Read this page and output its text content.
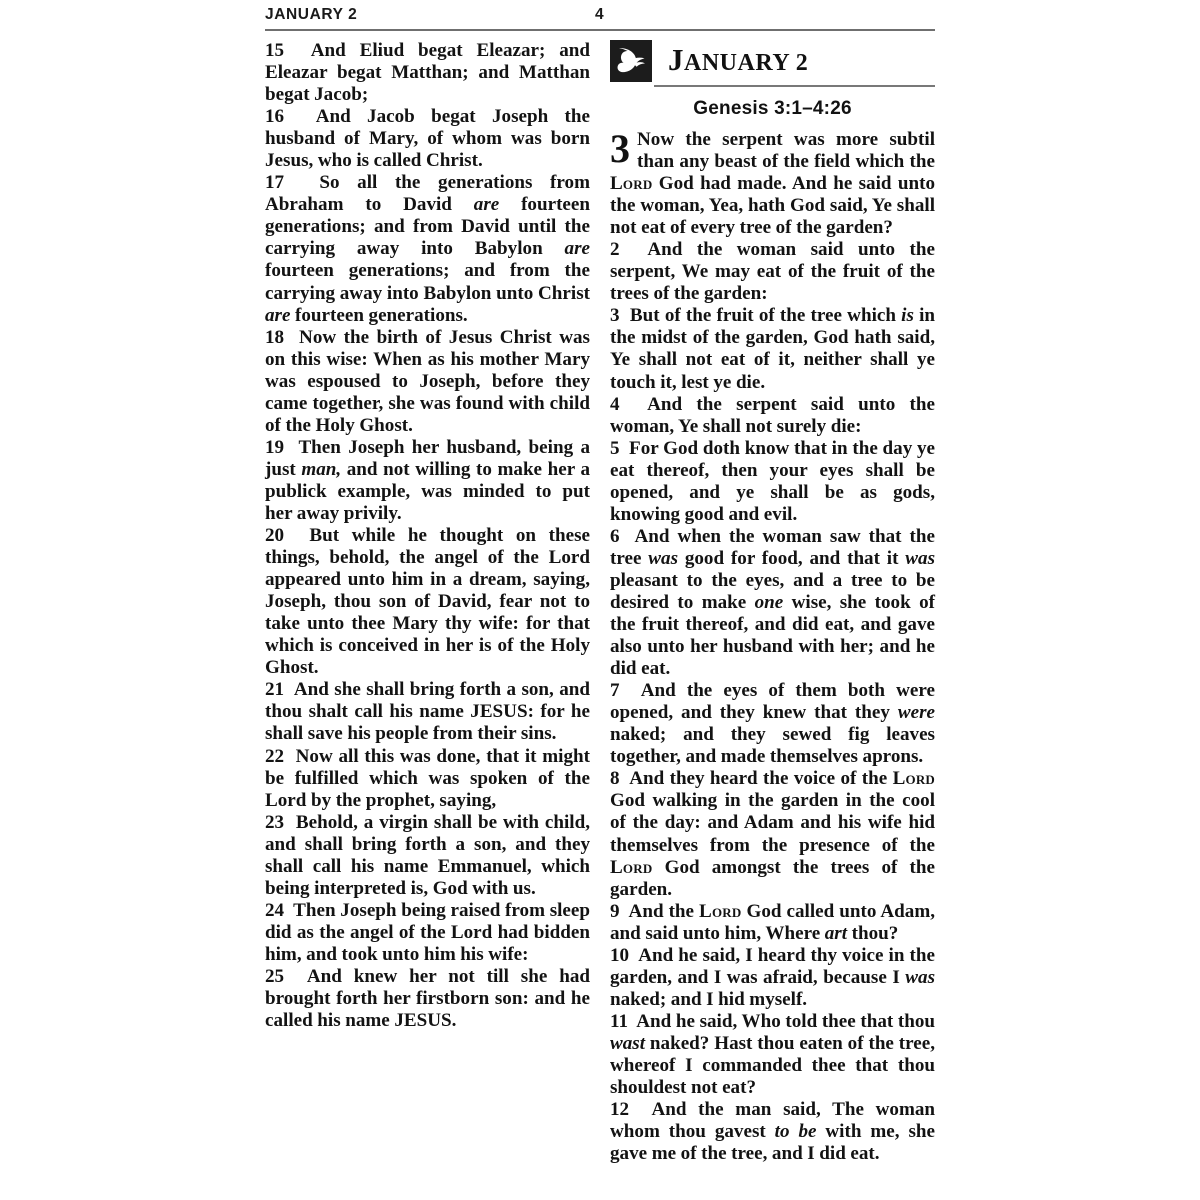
JANUARY 2	4

15 And Eliud begat Eleazar; and Eleazar begat Matthan; and Matthan begat Jacob;

16 And Jacob begat Joseph the husband of Mary, of whom was born Jesus, who is called Christ.

17 So all the generations from Abraham to David are fourteen generations; and from David until the carrying away into Babylon are fourteen generations; and from the carrying away into Babylon unto Christ are fourteen generations.

18 Now the birth of Jesus Christ was on this wise: When as his mother Mary was espoused to Joseph, before they came together, she was found with child of the Holy Ghost.

19 Then Joseph her husband, being a just man, and not willing to make her a publick example, was minded to put her away privily.

20 But while he thought on these things, behold, the angel of the Lord appeared unto him in a dream, saying, Joseph, thou son of David, fear not to take unto thee Mary thy wife: for that which is conceived in her is of the Holy Ghost.

21 And she shall bring forth a son, and thou shalt call his name JESUS: for he shall save his people from their sins.

22 Now all this was done, that it might be fulfilled which was spoken of the Lord by the prophet, saying,

23 Behold, a virgin shall be with child, and shall bring forth a son, and they shall call his name Emmanuel, which being interpreted is, God with us.

24 Then Joseph being raised from sleep did as the angel of the Lord had bidden him, and took unto him his wife:

25 And knew her not till she had brought forth her firstborn son: and he called his name JESUS.

JANUARY 2
Genesis 3:1–4:26

3 Now the serpent was more subtil than any beast of the field which the Lord God had made. And he said unto the woman, Yea, hath God said, Ye shall not eat of every tree of the garden?

2 And the woman said unto the serpent, We may eat of the fruit of the trees of the garden:

3 But of the fruit of the tree which is in the midst of the garden, God hath said, Ye shall not eat of it, neither shall ye touch it, lest ye die.

4 And the serpent said unto the woman, Ye shall not surely die:

5 For God doth know that in the day ye eat thereof, then your eyes shall be opened, and ye shall be as gods, knowing good and evil.

6 And when the woman saw that the tree was good for food, and that it was pleasant to the eyes, and a tree to be desired to make one wise, she took of the fruit thereof, and did eat, and gave also unto her husband with her; and he did eat.

7 And the eyes of them both were opened, and they knew that they were naked; and they sewed fig leaves together, and made themselves aprons.

8 And they heard the voice of the Lord God walking in the garden in the cool of the day: and Adam and his wife hid themselves from the presence of the Lord God amongst the trees of the garden.

9 And the Lord God called unto Adam, and said unto him, Where art thou?

10 And he said, I heard thy voice in the garden, and I was afraid, because I was naked; and I hid myself.

11 And he said, Who told thee that thou wast naked? Hast thou eaten of the tree, whereof I commanded thee that thou shouldest not eat?

12 And the man said, The woman whom thou gavest to be with me, she gave me of the tree, and I did eat.
